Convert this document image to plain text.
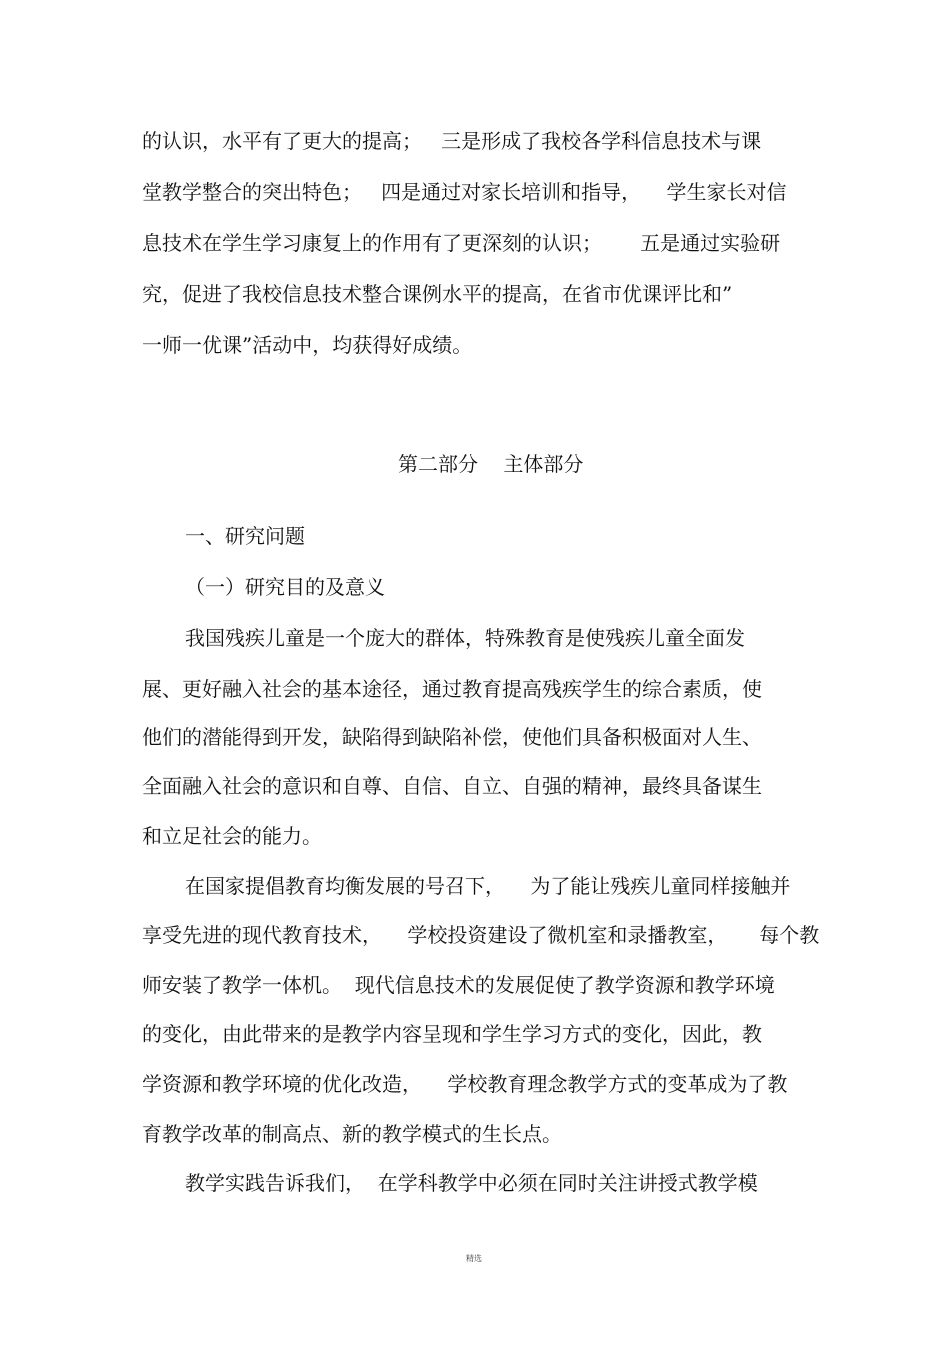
的认识，水平有了更大的提高；   三是形成了我校各学科信息技术与课

堂教学整合的突出特色；   四是通过对家长培训和指导，    学生家长对信

息技术在学生学习康复上的作用有了更深刻的认识；      五是通过实验研

究，促进了我校信息技术整合课例水平的提高，在省市优课评比和”

一师一优课”活动中，均获得好成绩。

第二部分    主体部分

一、研究问题

（一）研究目的及意义

我国残疾儿童是一个庞大的群体，特殊教育是使残疾儿童全面发

展、更好融入社会的基本途径，通过教育提高残疾学生的综合素质，使

他们的潜能得到开发，缺陷得到缺陷补偿，使他们具备积极面对人生、

全面融入社会的意识和自尊、自信、自立、自强的精神，最终具备谋生

和立足社会的能力。

在国家提倡教育均衡发展的号召下，    为了能让残疾儿童同样接触并

享受先进的现代教育技术，    学校投资建设了微机室和录播教室，     每个教

师安装了教学一体机。  现代信息技术的发展促使了教学资源和教学环境

的变化，由此带来的是教学内容呈现和学生学习方式的变化，因此，教

学资源和教学环境的优化改造，    学校教育理念教学方式的变革成为了教

育教学改革的制高点、新的教学模式的生长点。

教学实践告诉我们，  在学科教学中必须在同时关注讲授式教学模

精选
